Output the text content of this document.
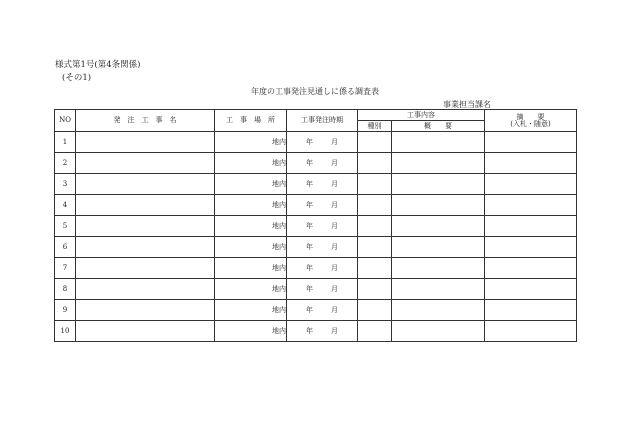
様式第1号(第4条関係)
(その1)
年度の工事発注見通しに係る調査表
事業担当課名
NO	発　注　工　事　名	工　事　場　所	工事発注時期	工事内容		摘　　要
(入札・随意)

				種別	概　　要	
1		地内	年 月			
2		地内	年 月			
3		地内	年 月			
4		地内	年 月			
5		地内	年 月			
6		地内	年 月			
7		地内	年 月			
8		地内	年 月			
9		地内	年 月			
10		地内	年 月			
